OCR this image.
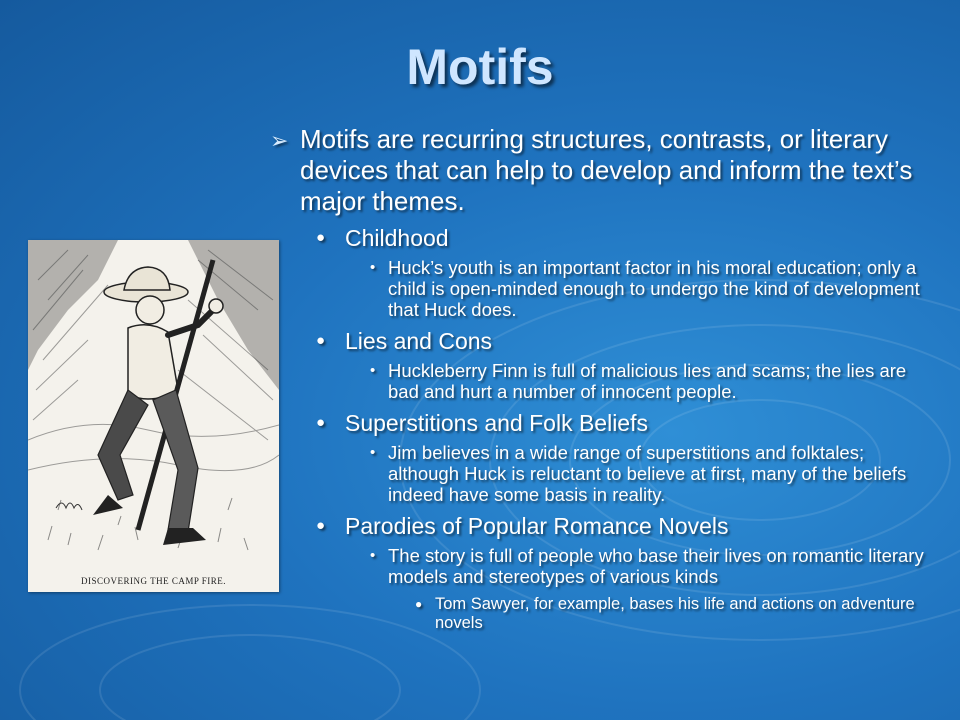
Motifs
DISCOVERING THE CAMP FIRE.
➢ Motifs are recurring structures, contrasts, or literary devices that can help to develop and inform the text’s major themes.
● Childhood
• Huck’s youth is an important factor in his moral education; only a child is open-minded enough to undergo the kind of development that Huck does.
● Lies and Cons
• Huckleberry Finn is full of malicious lies and scams; the lies are bad and hurt a number of innocent people.
● Superstitions and Folk Beliefs
• Jim believes in a wide range of superstitions and folktales; although Huck is reluctant to believe at first, many of the beliefs indeed have some basis in reality.
● Parodies of Popular Romance Novels
• The story is full of people who base their lives on romantic literary models and stereotypes of various kinds
● Tom Sawyer, for example, bases his life and actions on adventure novels
